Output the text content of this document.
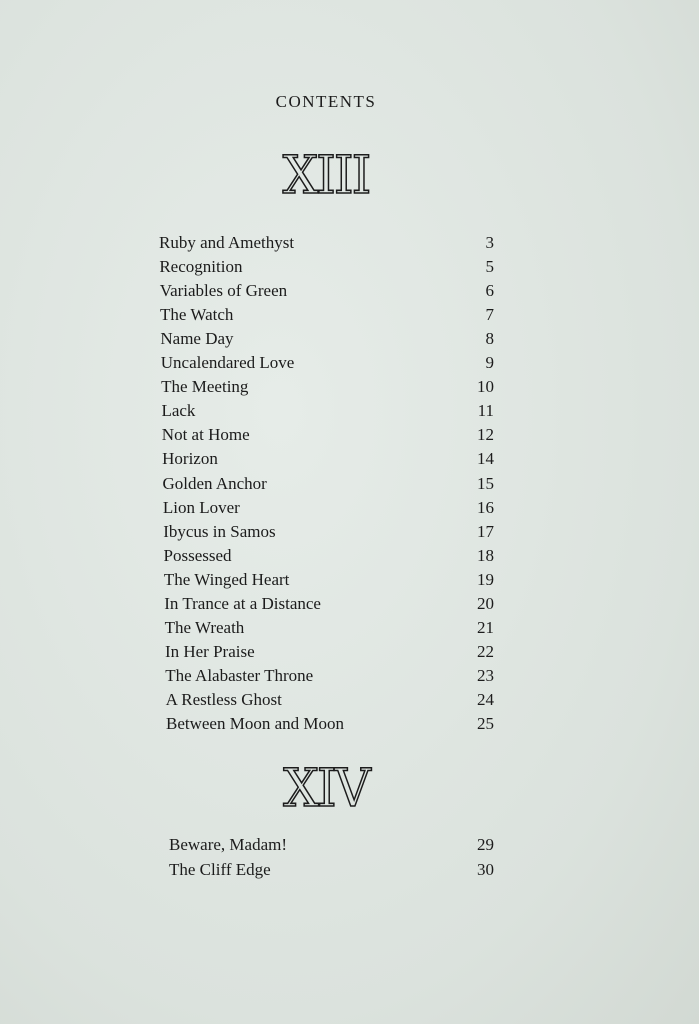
CONTENTS
XIII
Ruby and Amethyst	3
Recognition	5
Variables of Green	6
The Watch	7
Name Day	8
Uncalendared Love	9
The Meeting	10
Lack	11
Not at Home	12
Horizon	14
Golden Anchor	15
Lion Lover	16
Ibycus in Samos	17
Possessed	18
The Winged Heart	19
In Trance at a Distance	20
The Wreath	21
In Her Praise	22
The Alabaster Throne	23
A Restless Ghost	24
Between Moon and Moon	25
XIV
Beware, Madam!	29
The Cliff Edge	30
